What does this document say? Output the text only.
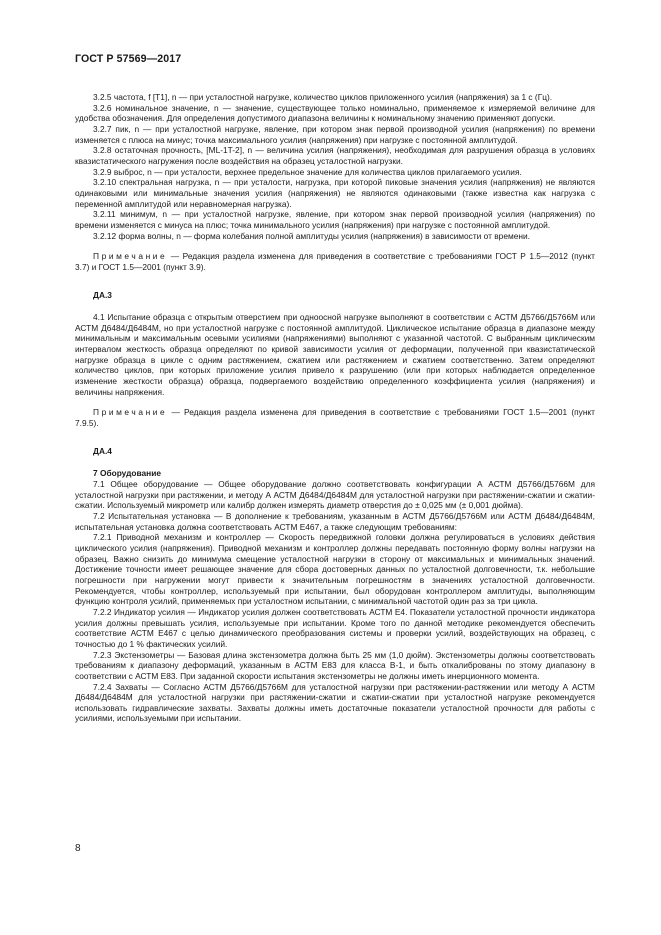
ГОСТ Р 57569—2017

3.2.5 частота, f [T1], n — при усталостной нагрузке, количество циклов приложенного усилия (напряжения) за 1 с (Гц).

3.2.6 номинальное значение, n — значение, существующее только номинально, применяемое к измеряемой величине для удобства обозначения. Для определения допустимого диапазона величины к номинальному значению применяют допуски.

3.2.7 пик, n — при усталостной нагрузке, явление, при котором знак первой производной усилия (напряжения) по времени изменяется с плюса на минус; точка максимального усилия (напряжения) при нагрузке с постоянной амплитудой.

3.2.8 остаточная прочность, [ML-1T-2], n — величина усилия (напряжения), необходимая для разрушения образца в условиях квазистатического нагружения после воздействия на образец усталостной нагрузки.

3.2.9 выброс, n — при усталости, верхнее предельное значение для количества циклов прилагаемого усилия.

3.2.10 спектральная нагрузка, n — при усталости, нагрузка, при которой пиковые значения усилия (напряжения) не являются одинаковыми или минимальные значения усилия (напряжения) не являются одинаковыми (также известна как нагрузка с переменной амплитудой или неравномерная нагрузка).

3.2.11 минимум, n — при усталостной нагрузке, явление, при котором знак первой производной усилия (напряжения) по времени изменяется с минуса на плюс; точка минимального усилия (напряжения) при нагрузке с постоянной амплитудой.

3.2.12 форма волны, n — форма колебания полной амплитуды усилия (напряжения) в зависимости от времени.

Примечание — Редакция раздела изменена для приведения в соответствие с требованиями ГОСТ Р 1.5—2012 (пункт 3.7) и ГОСТ 1.5—2001 (пункт 3.9).

ДА.3

4.1 Испытание образца с открытым отверстием при одноосной нагрузке выполняют в соответствии с АСТМ Д5766/Д5766М или АСТМ Д6484/Д6484М, но при усталостной нагрузке с постоянной амплитудой. Циклическое испытание образца в диапазоне между минимальным и максимальным осевыми усилиями (напряжениями) выполняют с указанной частотой. С выбранным циклическим интервалом жесткость образца определяют по кривой зависимости усилия от деформации, полученной при квазистатической нагрузке образца в цикле с одним растяжением, сжатием или растяжением и сжатием соответственно. Затем определяют количество циклов, при которых приложение усилия привело к разрушению (или при которых наблюдается определенное изменение жесткости образца) образца, подвергаемого воздействию определенного коэффициента усилия (напряжения) и величины напряжения.

Примечание — Редакция раздела изменена для приведения в соответствие с требованиями ГОСТ 1.5—2001 (пункт 7.9.5).

ДА.4

7 Оборудование

7.1 Общее оборудование — Общее оборудование должно соответствовать конфигурации А АСТМ Д5766/Д5766М для усталостной нагрузки при растяжении, и методу А АСТМ Д6484/Д6484М для усталостной нагрузки при растяжении-сжатии и сжатии-сжатии. Используемый микрометр или калибр должен измерять диаметр отверстия до ± 0,025 мм (± 0,001 дюйма).

7.2 Испытательная установка — В дополнение к требованиям, указанным в АСТМ Д5766/Д5766М или АСТМ Д6484/Д6484М, испытательная установка должна соответствовать АСТМ Е467, а также следующим требованиям:

7.2.1 Приводной механизм и контроллер — Скорость передвижной головки должна регулироваться в условиях действия циклического усилия (напряжения). Приводной механизм и контроллер должны передавать постоянную форму волны нагрузки на образец. Важно снизить до минимума смещение усталостной нагрузки в сторону от максимальных и минимальных значений. Достижение точности имеет решающее значение для сбора достоверных данных по усталостной долговечности, т.к. небольшие погрешности при нагружении могут привести к значительным погрешностям в значениях усталостной долговечности. Рекомендуется, чтобы контроллер, используемый при испытании, был оборудован контроллером амплитуды, выполняющим функцию контроля усилий, применяемых при усталостном испытании, с минимальной частотой один раз за три цикла.

7.2.2 Индикатор усилия — Индикатор усилия должен соответствовать АСТМ Е4. Показатели усталостной прочности индикатора усилия должны превышать усилия, используемые при испытании. Кроме того по данной методике рекомендуется обеспечить соответствие АСТМ Е467 с целью динамического преобразования системы и проверки усилий, воздействующих на образец, с точностью до 1 % фактических усилий.

7.2.3 Экстензометры — Базовая длина экстензометра должна быть 25 мм (1,0 дюйм). Экстензометры должны соответствовать требованиям к диапазону деформаций, указанным в АСТМ Е83 для класса В-1, и быть откалиброваны по этому диапазону в соответствии с АСТМ Е83. При заданной скорости испытания экстензометры не должны иметь инерционного момента.

7.2.4 Захваты — Согласно АСТМ Д5766/Д5766М для усталостной нагрузки при растяжении-растяжении или методу А АСТМ Д6484/Д6484М для усталостной нагрузки при растяжении-сжатии и сжатии-сжатии при усталостной нагрузке рекомендуется использовать гидравлические захваты. Захваты должны иметь достаточные показатели усталостной прочности для работы с усилиями, используемыми при испытании.

8
